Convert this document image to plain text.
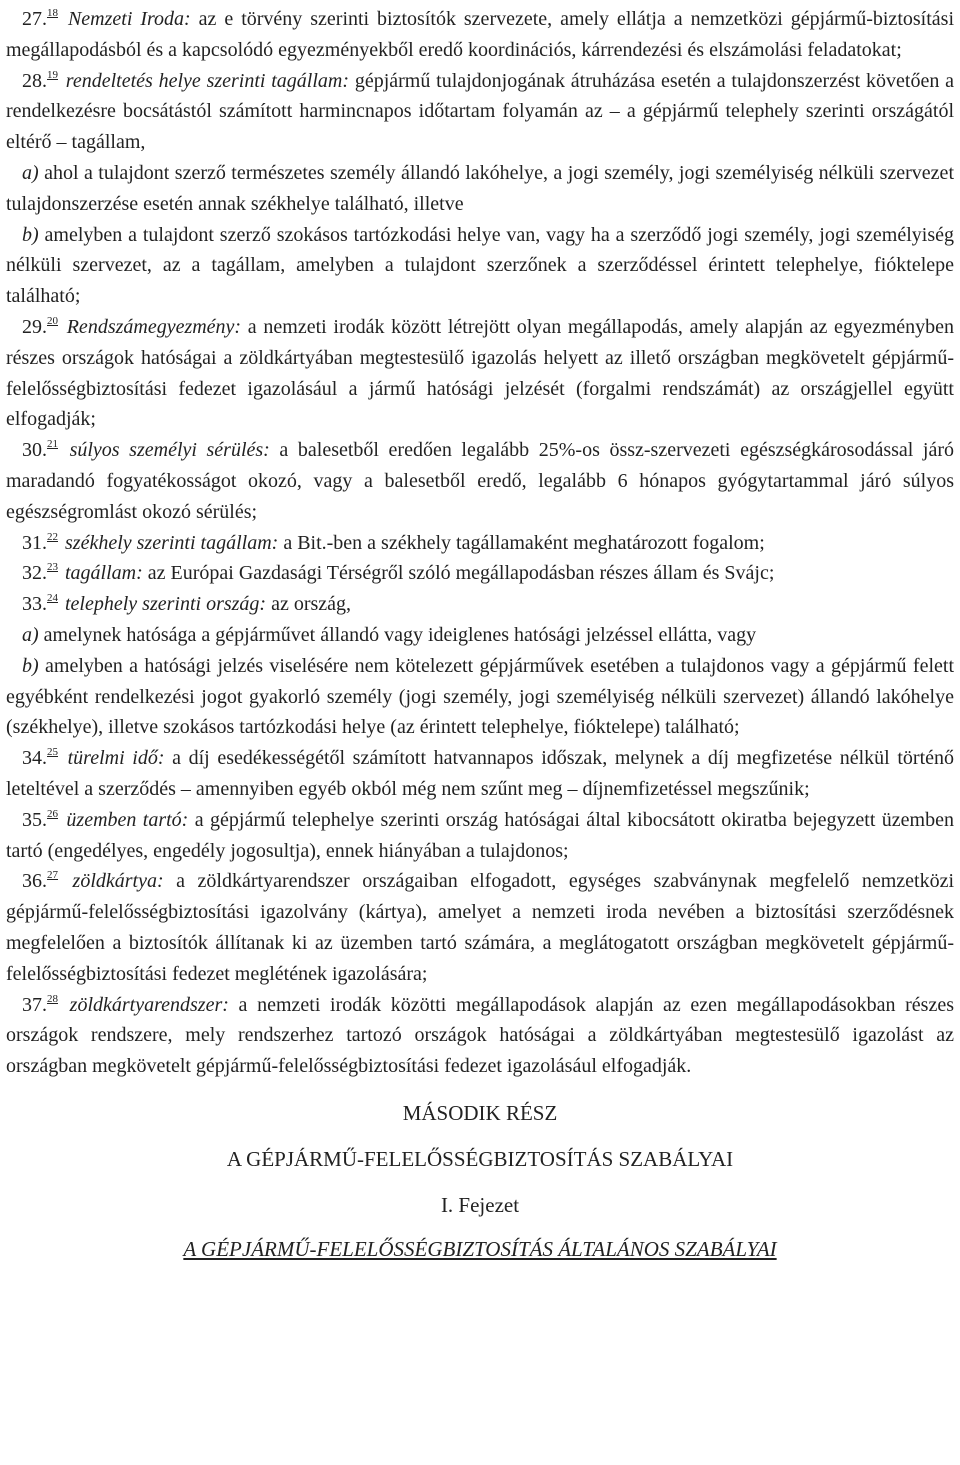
27.18 Nemzeti Iroda: az e törvény szerinti biztosítók szervezete, amely ellátja a nemzetközi gépjármű-biztosítási megállapodásból és a kapcsolódó egyezményekből eredő koordinációs, kárrendezési és elszámolási feladatokat;

28.19 rendeltetés helye szerinti tagállam: gépjármű tulajdonjogának átruházása esetén a tulajdonszerzést követően a rendelkezésre bocsátástól számított harmincnapos időtartam folyamán az – a gépjármű telephely szerinti országától eltérő – tagállam,

a) ahol a tulajdont szerző természetes személy állandó lakóhelye, a jogi személy, jogi személyiség nélküli szervezet tulajdonszerzése esetén annak székhelye található, illetve

b) amelyben a tulajdont szerző szokásos tartózkodási helye van, vagy ha a szerződő jogi személy, jogi személyiség nélküli szervezet, az a tagállam, amelyben a tulajdont szerzőnek a szerződéssel érintett telephelye, fióktelepe található;

29.20 Rendszámegyezmény: a nemzeti irodák között létrejött olyan megállapodás, amely alapján az egyezményben részes országok hatóságai a zöldkártyában megtestesülő igazolás helyett az illető országban megkövetelt gépjármű-felelősségbiztosítási fedezet igazolásául a jármű hatósági jelzését (forgalmi rendszámát) az országjellel együtt elfogadják;

30.21 súlyos személyi sérülés: a balesetből eredően legalább 25%-os össz-szervezeti egészségkárosodással járó maradandó fogyatékosságot okozó, vagy a balesetből eredő, legalább 6 hónapos gyógytartammal járó súlyos egészségromlást okozó sérülés;

31.22 székhely szerinti tagállam: a Bit.-ben a székhely tagállamaként meghatározott fogalom;

32.23 tagállam: az Európai Gazdasági Térségről szóló megállapodásban részes állam és Svájc;

33.24 telephely szerinti ország: az ország,

a) amelynek hatósága a gépjárművet állandó vagy ideiglenes hatósági jelzéssel ellátta, vagy

b) amelyben a hatósági jelzés viselésére nem kötelezett gépjárművek esetében a tulajdonos vagy a gépjármű felett egyébként rendelkezési jogot gyakorló személy (jogi személy, jogi személyiség nélküli szervezet) állandó lakóhelye (székhelye), illetve szokásos tartózkodási helye (az érintett telephelye, fióktelepe) található;

34.25 türelmi idő: a díj esedékességétől számított hatvannapos időszak, melynek a díj megfizetése nélkül történő leteltével a szerződés – amennyiben egyéb okból még nem szűnt meg – díjnemfizetéssel megszűnik;

35.26 üzemben tartó: a gépjármű telephelye szerinti ország hatóságai által kibocsátott okiratba bejegyzett üzemben tartó (engedélyes, engedély jogosultja), ennek hiányában a tulajdonos;

36.27 zöldkártya: a zöldkártyarendszer országaiban elfogadott, egységes szabványnak megfelelő nemzetközi gépjármű-felelősségbiztosítási igazolvány (kártya), amelyet a nemzeti iroda nevében a biztosítási szerződésnek megfelelően a biztosítók állítanak ki az üzemben tartó számára, a meglátogatott országban megkövetelt gépjármű-felelősségbiztosítási fedezet meglétének igazolására;

37.28 zöldkártyarendszer: a nemzeti irodák közötti megállapodások alapján az ezen megállapodásokban részes országok rendszere, mely rendszerhez tartozó országok hatóságai a zöldkártyában megtestesülő igazolást az országban megkövetelt gépjármű-felelősségbiztosítási fedezet igazolásául elfogadják.

MÁSODIK RÉSZ

A GÉPJÁRMŰ-FELELŐSSÉGBIZTOSÍTÁS SZABÁLYAI

I. Fejezet

A GÉPJÁRMŰ-FELELŐSSÉGBIZTOSÍTÁS ÁLTALÁNOS SZABÁLYAI
